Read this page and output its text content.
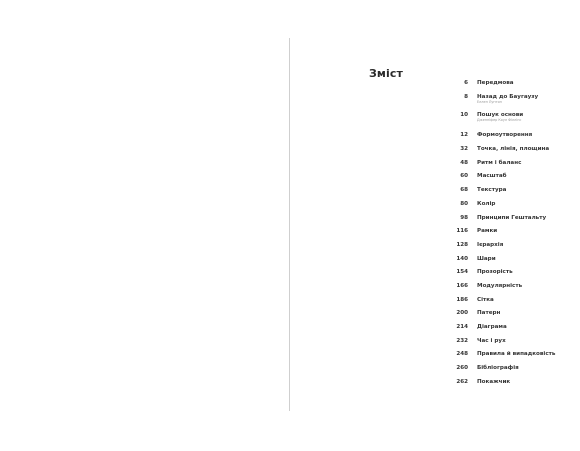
Зміст
6 Передмова
8 Назад до Баугаузу
Еллен Луптон
10 Пошук основи
Дженніфер Коул Філліпс
12 Формоутворення
32 Точка, лінія, площина
48 Ритм і баланс
60 Масштаб
68 Текстура
80 Колір
98 Принципи Гештальту
116 Рамки
128 Ієрархія
140 Шари
154 Прозорість
166 Модулярність
186 Сітка
200 Патерн
214 Діаграма
232 Час і рух
248 Правила й випадковість
260 Бібліографія
262 Покажчик
